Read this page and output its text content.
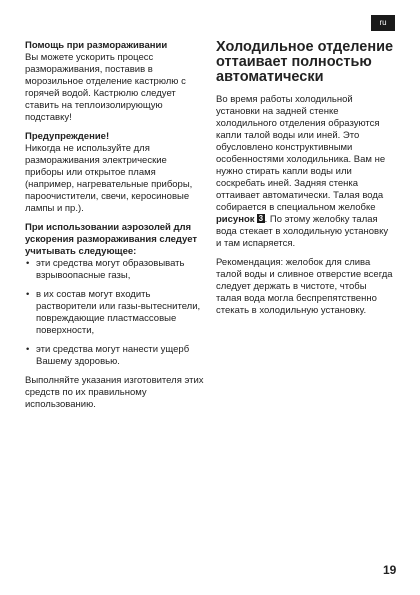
ru

Помощь при размораживании

Вы можете ускорить процесс размораживания, поставив в морозильное отделение кастрюлю с горячей водой. Кастрюлю следует ставить на теплоизолирующую подставку!

Предупреждение!

Никогда не используйте для размораживания электрические приборы или открытое пламя (например, нагревательные приборы, пароочистители, свечи, керосиновые лампы и пр.).

При использовании аэрозолей для ускорения размораживания следует учитывать следующее:

• эти средства могут образовывать взрывоопасные газы,
• в их состав могут входить растворители или газы-вытеснители, повреждающие пластмассовые поверхности,
• эти средства могут нанести ущерб Вашему здоровью.

Выполняйте указания изготовителя этих средств по их правильному использованию.

Холодильное отделение оттаивает полностью автоматически

Во время работы холодильной установки на задней стенке холодильного отделения образуются капли талой воды или иней. Это обусловлено конструктивными особенностями холодильника. Вам не нужно стирать капли воды или соскребать иней. Задняя стенка оттаивает автоматически. Талая вода собирается в специальном желобке рисунок 3 . По этому желобку талая вода стекает в холодильную установку и там испаряется.

Рекомендация: желобок для слива талой воды и сливное отверстие всегда следует держать в чистоте, чтобы талая вода могла беспрепятственно стекать в холодильную установку.

19
